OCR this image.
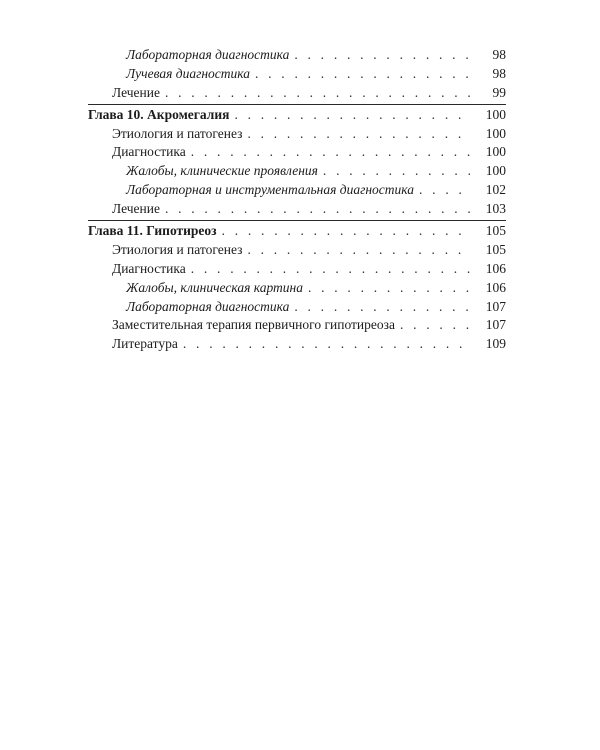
Лабораторная диагностика . . .	98
Лучевая диагностика . . .	98
Лечение . . .	99
Глава 10. Акромегалия . . .	100
Этиология и патогенез . . .	100
Диагностика . . .	100
Жалобы, клинические проявления . . .	100
Лабораторная и инструментальная диагностика . . .	102
Лечение . . .	103
Глава 11. Гипотиреоз . . .	105
Этиология и патогенез . . .	105
Диагностика . . .	106
Жалобы, клиническая картина . . .	106
Лабораторная диагностика . . .	107
Заместительная терапия первичного гипотиреоза . . .	107
Литература . . .	109
